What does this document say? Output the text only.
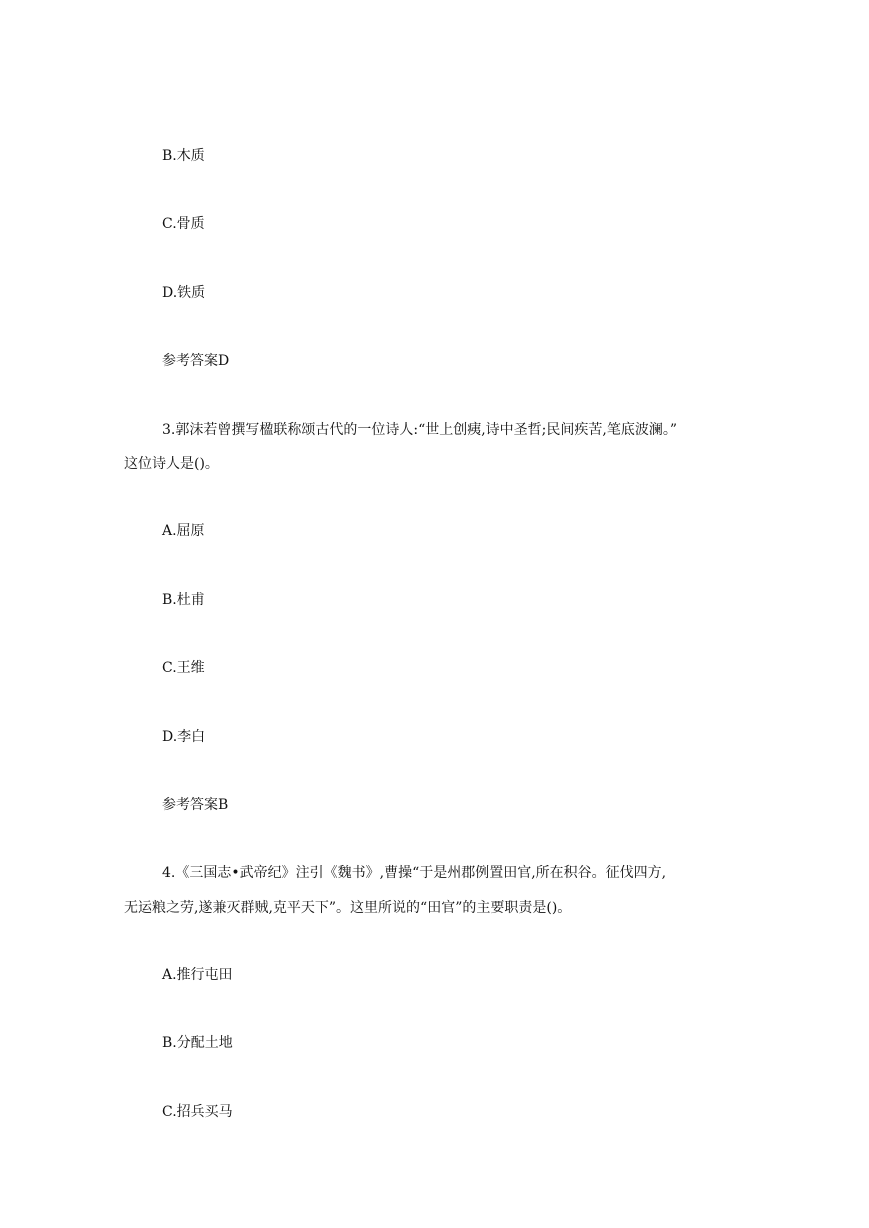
B.木质

C.骨质

D.铁质

参考答案D

3.郭沫若曾撰写楹联称颂古代的一位诗人:“世上创痍,诗中圣哲;民间疾苦,笔底波澜。”

这位诗人是()。

A.屈原

B.杜甫

C.王维

D.李白

参考答案B

4.《三国志•武帝纪》注引《魏书》,曹操“于是州郡例置田官,所在积谷。征伐四方,

无运粮之劳,遂兼灭群贼,克平天下”。这里所说的“田官”的主要职责是()。

A.推行屯田

B.分配土地

C.招兵买马
